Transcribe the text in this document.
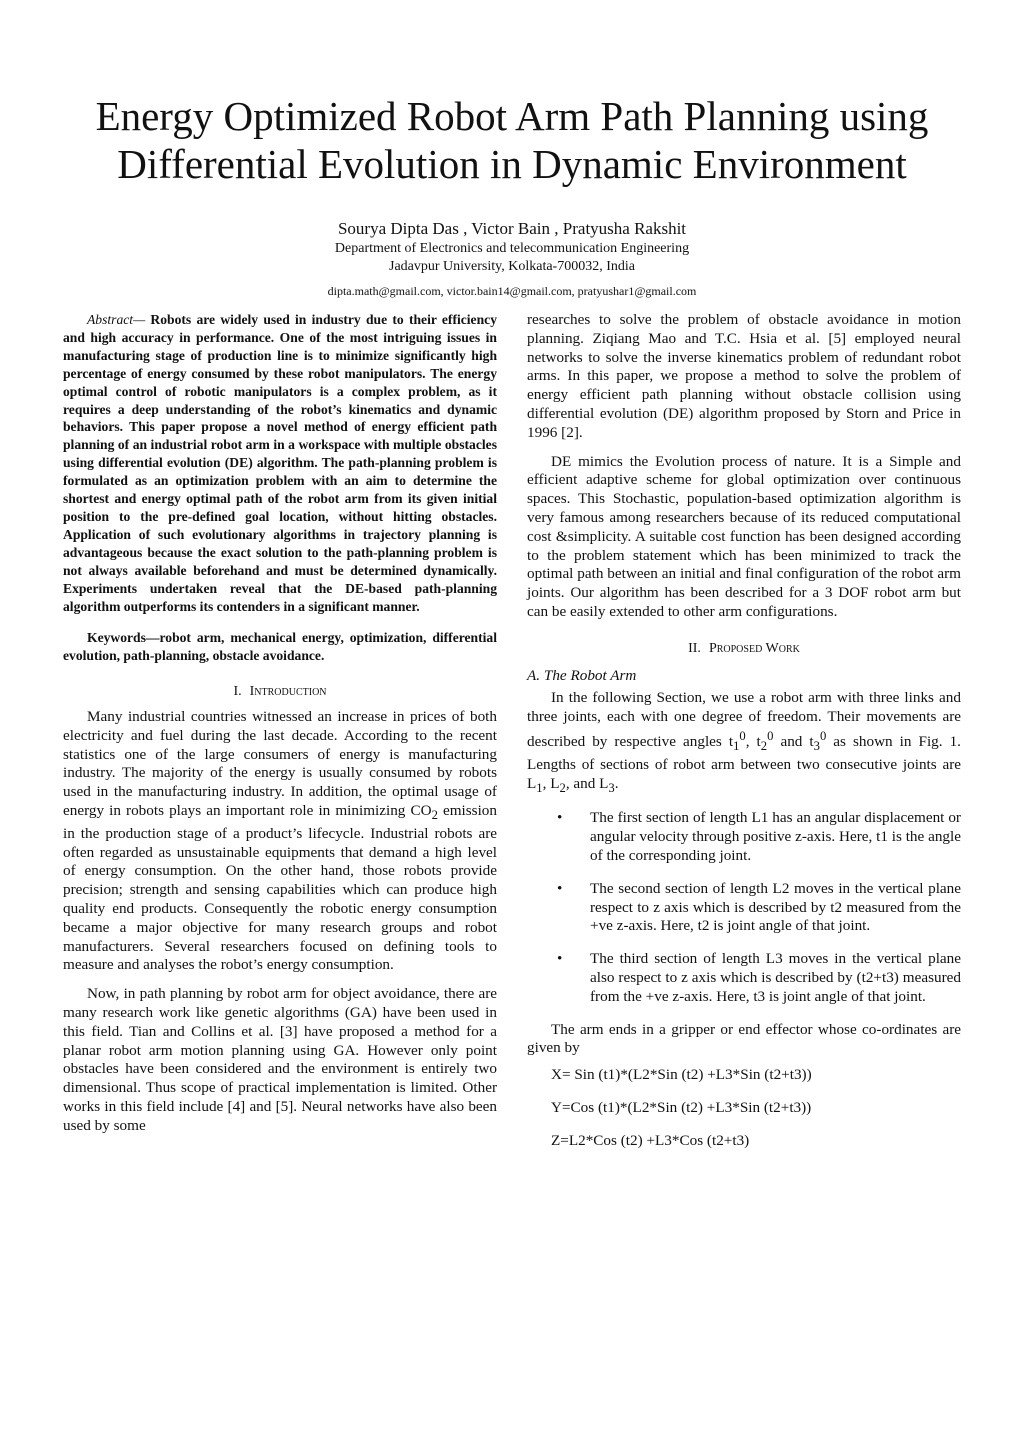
Energy Optimized Robot Arm Path Planning using
Differential Evolution in Dynamic Environment
Sourya Dipta Das , Victor Bain , Pratyusha Rakshit
Department of Electronics and telecommunication Engineering
Jadavpur University, Kolkata-700032, India
dipta.math@gmail.com, victor.bain14@gmail.com, pratyushar1@gmail.com

Abstract— Robots are widely used in industry due to their efficiency and high accuracy in performance. One of the most intriguing issues in manufacturing stage of production line is to minimize significantly high percentage of energy consumed by these robot manipulators. The energy optimal control of robotic manipulators is a complex problem, as it requires a deep understanding of the robot’s kinematics and dynamic behaviors. This paper propose a novel method of energy efficient path planning of an industrial robot arm in a workspace with multiple obstacles using differential evolution (DE) algorithm. The path-planning problem is formulated as an optimization problem with an aim to determine the shortest and energy optimal path of the robot arm from its given initial position to the pre-defined goal location, without hitting obstacles. Application of such evolutionary algorithms in trajectory planning is advantageous because the exact solution to the path-planning problem is not always available beforehand and must be determined dynamically. Experiments undertaken reveal that the DE-based path-planning algorithm outperforms its contenders in a significant manner.

Keywords—robot arm, mechanical energy, optimization, differential evolution, path-planning, obstacle avoidance.

I. Introduction

Many industrial countries witnessed an increase in prices of both electricity and fuel during the last decade. According to the recent statistics one of the large consumers of energy is manufacturing industry. The majority of the energy is usually consumed by robots used in the manufacturing industry. In addition, the optimal usage of energy in robots plays an important role in minimizing $CO_2$ emission in the production stage of a product’s lifecycle. Industrial robots are often regarded as unsustainable equipments that demand a high level of energy consumption. On the other hand, those robots provide precision; strength and sensing capabilities which can produce high quality end products. Consequently the robotic energy consumption became a major objective for many research groups and robot manufacturers. Several researchers focused on defining tools to measure and analyses the robot’s energy consumption.

Now, in path planning by robot arm for object avoidance, there are many research work like genetic algorithms (GA) have been used in this field. Tian and Collins et al. [3] have proposed a method for a planar robot arm motion planning using GA. However only point obstacles have been considered and the environment is entirely two dimensional. Thus scope of practical implementation is limited. Other works in this field include [4] and [5]. Neural networks have also been used by some

researches to solve the problem of obstacle avoidance in motion planning. Ziqiang Mao and T.C. Hsia et al. [5] employed neural networks to solve the inverse kinematics problem of redundant robot arms. In this paper, we propose a method to solve the problem of energy efficient path planning without obstacle collision using differential evolution (DE) algorithm proposed by Storn and Price in 1996 [2].

DE mimics the Evolution process of nature. It is a Simple and efficient adaptive scheme for global optimization over continuous spaces. This Stochastic, population-based optimization algorithm is very famous among researchers because of its reduced computational cost &simplicity. A suitable cost function has been designed according to the problem statement which has been minimized to track the optimal path between an initial and final configuration of the robot arm joints. Our algorithm has been described for a 3 DOF robot arm but can be easily extended to other arm configurations.

II. Proposed Work
A. The Robot Arm

In the following Section, we use a robot arm with three links and three joints, each with one degree of freedom. Their movements are described by respective angles $t_1^0$, $t_2^0$ and $t_3^0$ as shown in Fig. 1. Lengths of sections of robot arm between two consecutive joints are $L_1$, $L_2$, and $L_3$.

• The first section of length L1 has an angular displacement or angular velocity through positive z-axis. Here, t1 is the angle of the corresponding joint.
• The second section of length L2 moves in the vertical plane respect to z axis which is described by t2 measured from the +ve z-axis. Here, t2 is joint angle of that joint.
• The third section of length L3 moves in the vertical plane also respect to z axis which is described by (t2+t3) measured from the +ve z-axis. Here, t3 is joint angle of that joint.

The arm ends in a gripper or end effector whose co-ordinates are given by

X= Sin (t1)*(L2*Sin (t2) +L3*Sin (t2+t3))
Y=Cos (t1)*(L2*Sin (t2) +L3*Sin (t2+t3))
Z=L2*Cos (t2) +L3*Cos (t2+t3)
